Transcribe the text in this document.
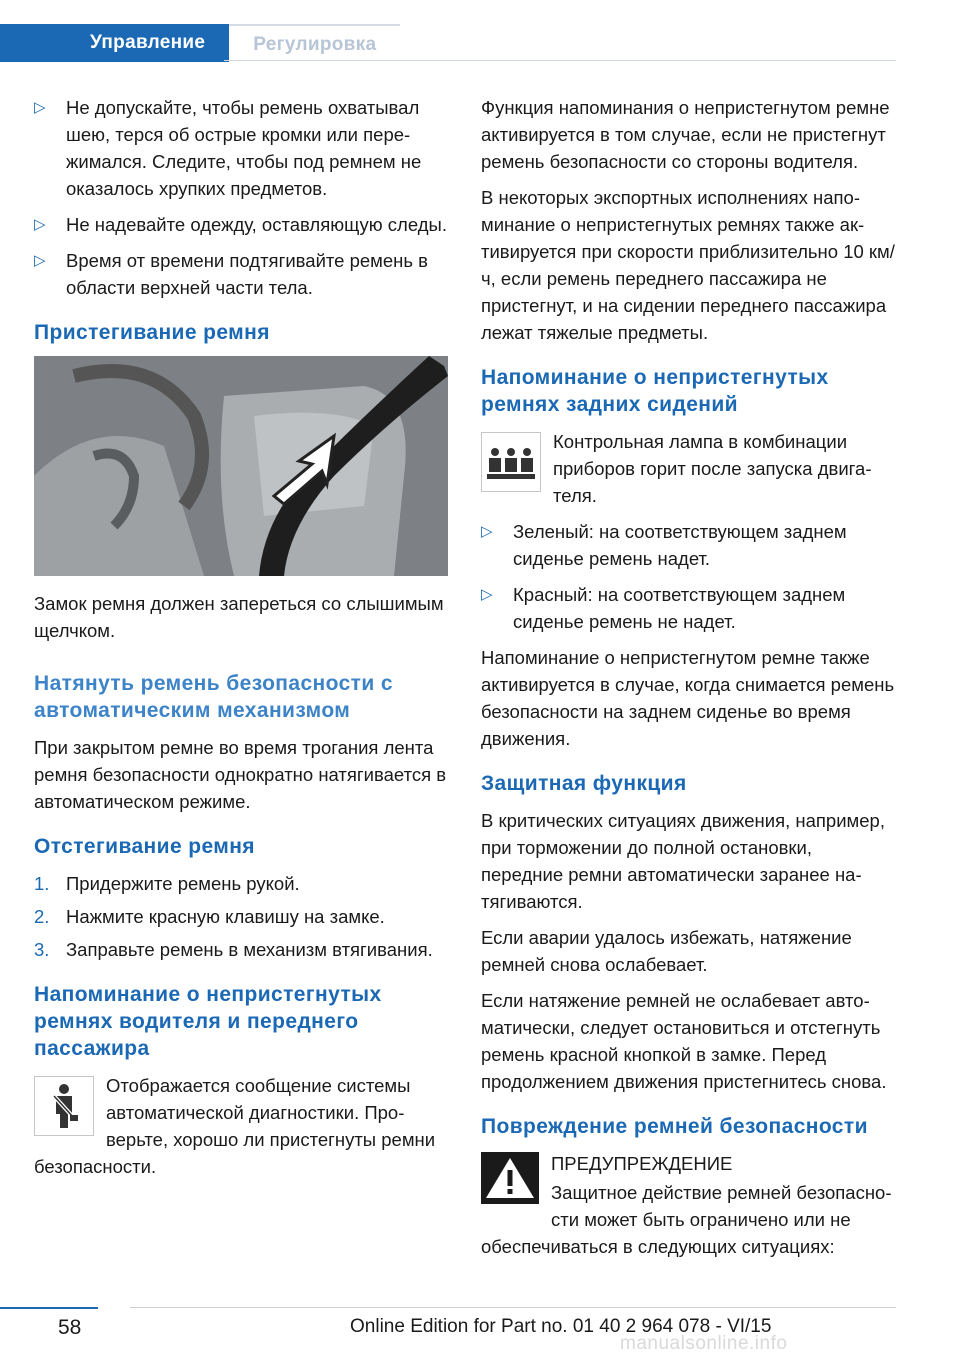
Управление	Регулировка
▷ Не допускайте, чтобы ремень охватывал шею, терся об острые кромки или пережимался. Следите, чтобы под ремнем не оказалось хрупких предметов.
▷ Не надевайте одежду, оставляющую следы.
▷ Время от времени подтягивайте ремень в области верхней части тела.
Пристегивание ремня

Замок ремня должен запереться со слышимым щелчком.

Натянуть ремень безопасности с автоматическим механизмом

При закрытом ремне во время трогания лента ремня безопасности однократно натягивается в автоматическом режиме.

Отстегивание ремня
1. Придержите ремень рукой.
2. Нажмите красную клавишу на замке.
3. Заправьте ремень в механизм втягивания.
Напоминание о непристегнутых ремнях водителя и переднего пассажира

Отображается сообщение системы автоматической диагностики. Проверьте, хорошо ли пристегнуты ремни безопасности.

Функция напоминания о непристегнутом ремне активируется в том случае, если не пристегнут ремень безопасности со стороны водителя.

В некоторых экспортных исполнениях напоминание о непристегнутых ремнях также активируется при скорости приблизительно 10 км/ч, если ремень переднего пассажира не пристегнут, и на сидении переднего пассажира лежат тяжелые предметы.

Напоминание о непристегнутых ремнях задних сидений

Контрольная лампа в комбинации приборов горит после запуска двигателя.

▷ Зеленый: на соответствующем заднем сиденье ремень надет.
▷ Красный: на соответствующем заднем сиденье ремень не надет.

Напоминание о непристегнутом ремне также активируется в случае, когда снимается ремень безопасности на заднем сиденье во время движения.

Защитная функция

В критических ситуациях движения, например, при торможении до полной остановки, передние ремни автоматически заранее натягиваются.

Если аварии удалось избежать, натяжение ремней снова ослабевает.

Если натяжение ремней не ослабевает автоматически, следует остановиться и отстегнуть ремень красной кнопкой в замке. Перед продолжением движения пристегнитесь снова.

Повреждение ремней безопасности

ПРЕДУПРЕЖДЕНИЕ

Защитное действие ремней безопасности может быть ограничено или не обеспечиваться в следующих ситуациях:

58	Online Edition for Part no. 01 40 2 964 078 - VI/15
manualsonline.info
